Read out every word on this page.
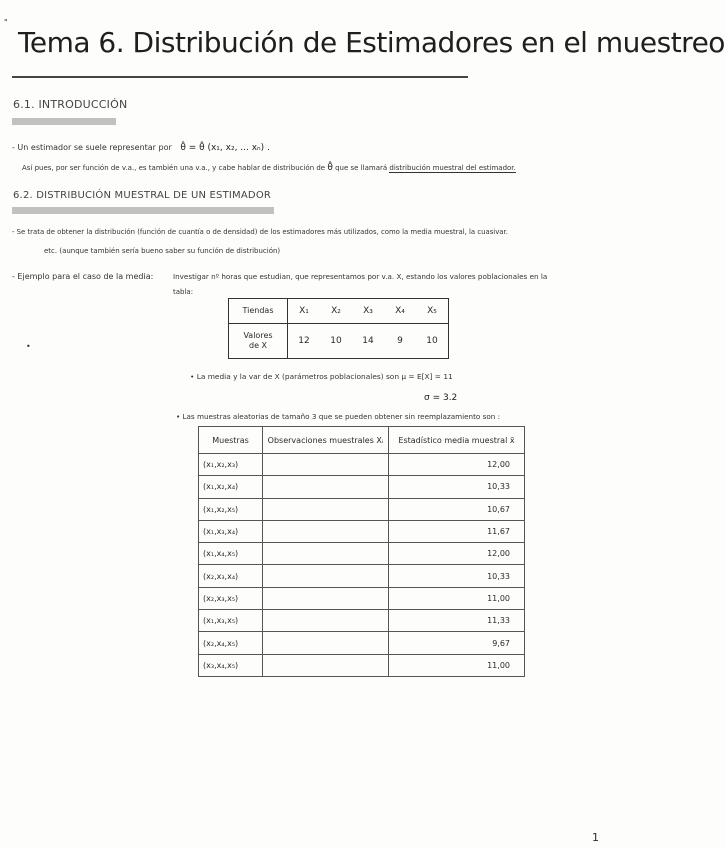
"
Tema 6. Distribución de Estimadores en el muestreo
6.1. INTRODUCCIÓN
- Un estimador se suele representar por θ̂ = θ̂ (x₁, x₂, ... xₙ) .
Así pues, por ser función de v.a., es también una v.a., y cabe hablar de distribución de θ̂ que se llamará distribución muestral del estimador.
6.2. DISTRIBUCIÓN MUESTRAL DE UN ESTIMADOR
- Se trata de obtener la distribución (función de cuantía o de densidad) de los estimadores más utilizados, como la media muestral, la cuasivar.
etc. (aunque también sería bueno saber su función de distribución)
- Ejemplo para el caso de la media:	Investigar nº horas que estudian, que representamos por v.a. X, estando los valores poblacionales en la
tabla:
•
Tiendas	X₁	X₂	X₃	X₄	X₅

Valores
de X	12	10	14	9	10
• La media y la var de X (parámetros poblacionales) son μ = E[X] = 11
σ = 3.2
• Las muestras aleatorias de tamaño 3 que se pueden obtener sin reemplazamiento son :
Muestras	Observaciones muestrales Xᵢ	Estadístico media muestral x̄
(x₁,x₂,x₃)		12,00
(x₁,x₂,x₄)		10,33
(x₁,x₂,x₅)		10,67
(x₁,x₃,x₄)		11,67
(x₁,x₄,x₅)		12,00
(x₂,x₃,x₄)		10,33
(x₂,x₃,x₅)		11,00
(x₁,x₃,x₅)		11,33
(x₂,x₄,x₅)		9,67
(x₃,x₄,x₅)		11,00
1
